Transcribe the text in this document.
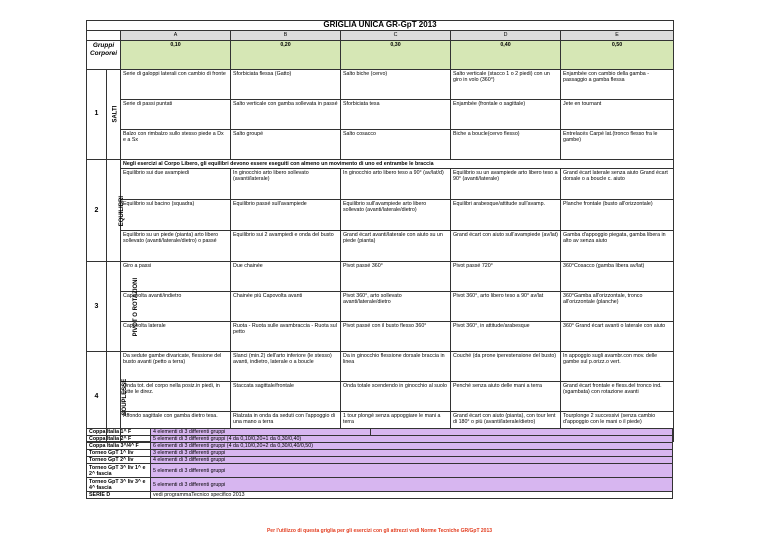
GRIGLIA UNICA GR-GpT 2013						
		A	B	C	D	E
Gruppi Corporei		0,10	0,20	0,30	0,40	0,50
1	SALTI	Serie di galoppi laterali con cambio di fronte	Sforbiciata flessa (Gatto)	Salto biche (cervo)	Salto verticale (stacco 1 o 2 piedi) con un giro in volo (360°)	Enjambée con cambio della gamba - passaggio a gamba flessa
		Serie di passi puntati	Salto verticale con gamba sollevata in passé	Sforbiciata tesa	Enjambée (frontale o sagittale)	Jete en tournant
		Balzo con rimbalzo sullo stesso piede a Dx e a Sx	Salto groupé	Salto cosacco	Biche a boucle(cervo flesso)	Entrelacés Carpé lat.(tronco flesso fra le gambe)
2	EQUILIBRI	Negli esercizi al Corpo Libero, gli equilibri devono essere eseguiti con almeno un movimento di uno ed entrambe le braccia				
		Equilibrio sui due avampiedi	In ginocchio arto libero sollevato (avanti/laterale)	In ginocchio arto libero teso a 90° (av/lat/d)	Equilibrio su un avampiede arto libero teso a 90° (avanti/laterale)	Grand écart laterale senza aiuto Grand écart dorsale o a boucle c. aiuto
		Equilibrio sul bacino (squadra)	Equilibrio passé sull'avampiede	Equilibrio sull'avampiede arto libero sollevato (avanti/laterale/dietro)	Equilibri arabesque/attitude sull'avamp.	Planche frontale (busto all'orizzontale)
		Equilibrio su un piede (pianta) arto libero sollevato (avanti/laterale/dietro) o passé	Equilibrio sui 2 avampiedi e onda del busto	Grand écart avanti/laterale con aiuto su un piede (pianta)	Grand écart con aiuto sull'avampiede (av/lat)	Gamba d'appoggio piegata, gamba libera in alto av senza aiuto
3	PIVOT O ROTAZIONI	Giro a passi	Due chainée	Pivot passé 360°	Pivot passé 720°	360°Cosacco (gamba libera av/lat)
		Capovolta avanti/indietro	Chainée più Capovolta avanti	Pivot 360°, arto sollevato avanti/laterale/dietro	Pivot 360°, arto libero teso a 90° av/lat	360°Gamba all'orizzontale, tronco all'orizzontale (planche)
		Capovolta laterale	Ruota - Ruota sulle avambraccia - Ruota sul petto	Pivot passé con il busto flesso 360°	Pivot 360°, in attitude/arabesque	360° Grand écart avanti o laterale con aiuto
4	SOUPLESSE	Da sedute gambe divaricate, flessione del busto avanti (petto a terra)	Slanci (min.2) dell'arto inferiore (le stesso) avanti, indietro, laterale o a boucle	Da in ginocchio flessione dorsale braccia in linea	Couché (da prone iperestensione del busto)	In appoggio sugli avambr.con mov. delle gambe sul p.orizz.o vert.
		Onda tot. del corpo nella posiz.in piedi, in tutte le direz.	Staccata sagittale/frontale	Onda totale scendendo in ginocchio al suolo	Penché senza aiuto delle mani a terra	Grand écart frontale e fless.del tronco ind.(sgambata) con rotazione avanti
		Affondo sagittale con gamba dietro tesa.	Rialzata in onda da seduti con l'appoggio di una mano a terra	1 tour plongé senza appoggiare le mani a terra	Grand écart con aiuto (pianta), con tour lent di 180° o più (avanti/laterale/dietro)	Tourplonge 2 successivi (senza cambio d'appoggio con le mani o il piede)
Coppa Italia 1^ F	4 elementi di 3 differenti gruppi	
Coppa Italia 2^ F	5 elementi di 3 differenti gruppi (4 da 0,10/0,20+1 da 0,30/0,40)	
Coppa Italia 3^/4^ F	6 elementi di 3 differenti gruppi (4 da 0,10/0,20+2 da 0,30/0,40/0,50)	
Torneo GpT 1^ liv	3 elementi di 3 differenti gruppi	
Torneo GpT 2^ liv	4 elementi di 3 differenti gruppi	
Torneo GpT 3^ liv 1^ e 2^ fascia	5 elementi di 3 differenti gruppi	
Torneo GpT 3^ liv 3^ e 4^ fascia	5 elementi di 3 differenti gruppi	
SERIE D	vedi programmaTecnico specifico 2013	
Per l'utilizzo di questa griglia per gli esercizi con gli attrezzi vedi Norme Tecniche GR/GpT 2013
